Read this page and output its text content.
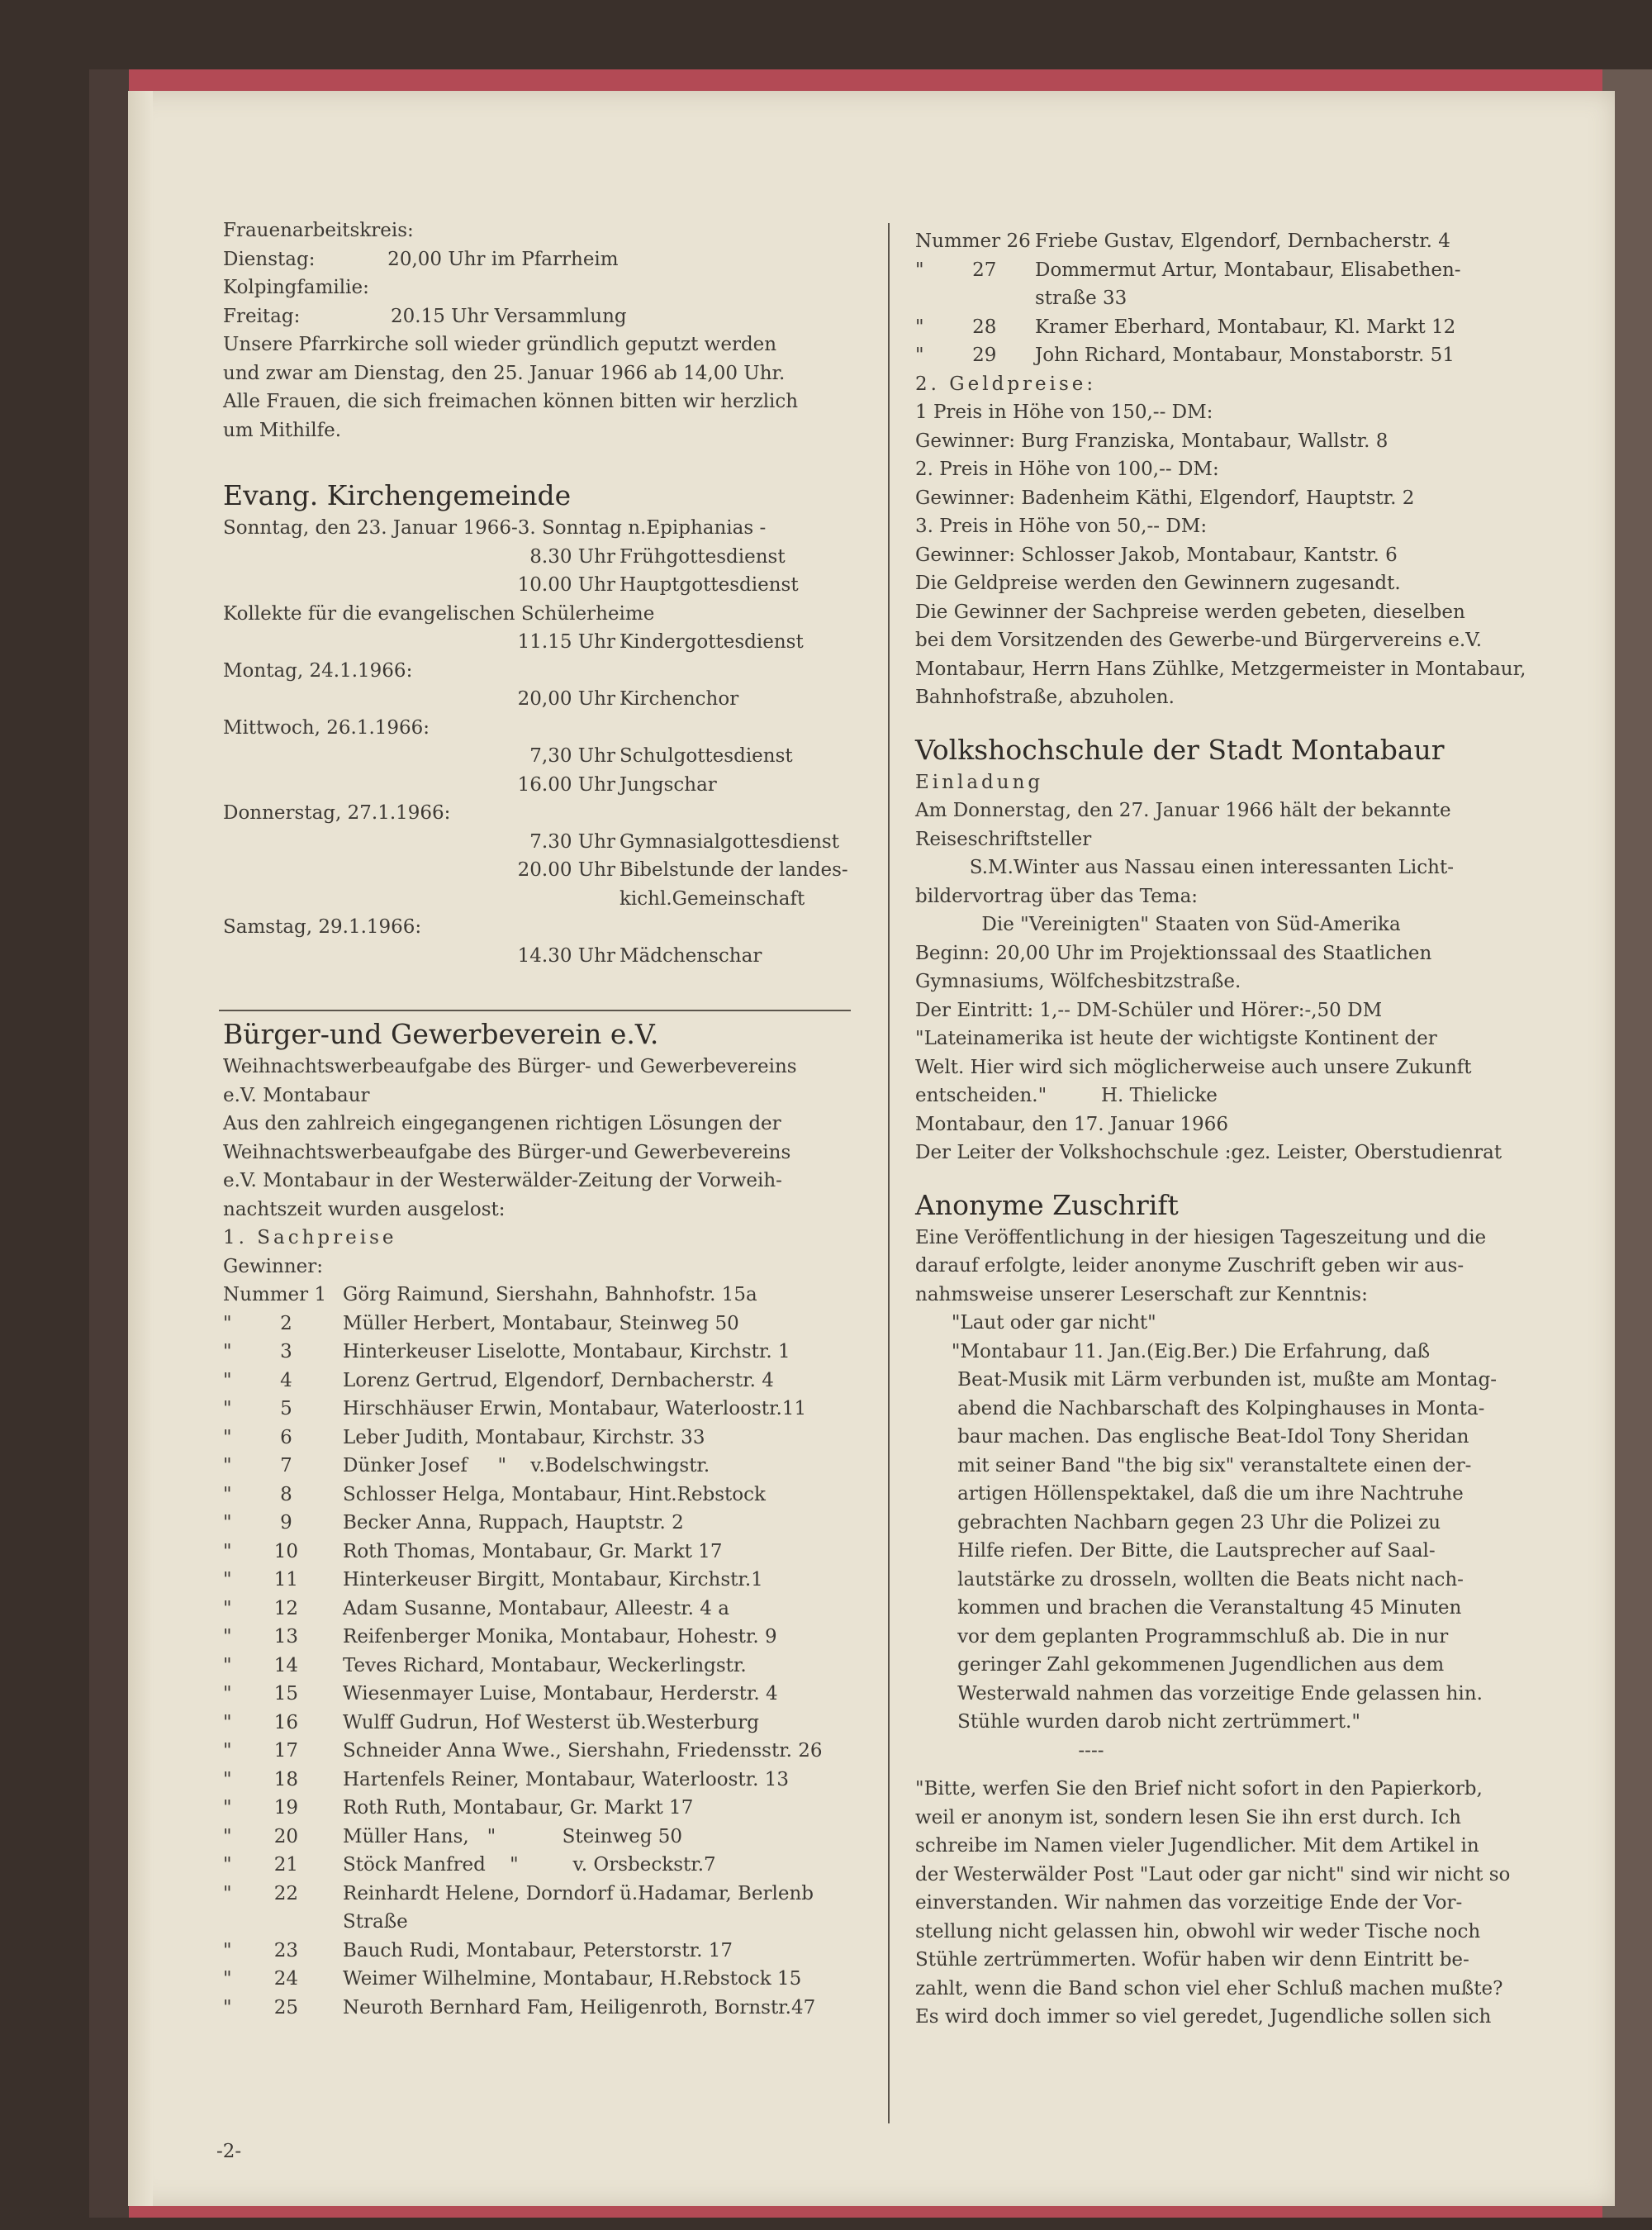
Frauenarbeitskreis:

Dienstag:            20,00 Uhr im Pfarrheim

Kolpingfamilie:

Freitag:               20.15 Uhr Versammlung

Unsere Pfarrkirche soll wieder gründlich geputzt werden

und zwar am Dienstag, den 25. Januar 1966 ab 14,00 Uhr.

Alle Frauen, die sich freimachen können bitten wir herzlich

um Mithilfe.

Evang. Kirchengemeinde

Sonntag, den 23. Januar 1966-3. Sonntag n.Epiphanias -

8.30 Uhr Frühgottesdienst
10.00 Uhr Hauptgottesdienst
Kollekte für die evangelischen Schülerheime
11.15 Uhr Kindergottesdienst
Montag, 24.1.1966:
20,00 Uhr Kirchenchor
Mittwoch, 26.1.1966:
7,30 Uhr Schulgottesdienst
16.00 Uhr Jungschar
Donnerstag, 27.1.1966:
7.30 Uhr Gymnasialgottesdienst
20.00 Uhr Bibelstunde der landes-
kichl.Gemeinschaft
Samstag, 29.1.1966:
14.30 Uhr Mädchenschar

Bürger-und Gewerbeverein e.V.

Weihnachtswerbeaufgabe des Bürger- und Gewerbevereins

e.V. Montabaur

Aus den zahlreich eingegangenen richtigen Lösungen der

Weihnachtswerbeaufgabe des Bürger-und Gewerbevereins

e.V. Montabaur in der Westerwälder-Zeitung der Vorweih-

nachtszeit wurden ausgelost:

1. Sachpreise

Gewinner:

Nummer 1 Görg Raimund, Siershahn, Bahnhofstr. 15a
"        2	Müller Herbert, Montabaur, Steinweg 50
"        3	Hinterkeuser Liselotte, Montabaur, Kirchstr. 1
"        4	Lorenz Gertrud, Elgendorf, Dernbacherstr. 4
"        5	Hirschhäuser Erwin, Montabaur, Waterloostr.11
"        6	Leber Judith, Montabaur, Kirchstr. 33
"        7	Dünker Josef     "    v.Bodelschwingstr.
"        8	Schlosser Helga, Montabaur, Hint.Rebstock
"        9	Becker Anna, Ruppach, Hauptstr. 2
"       10	Roth Thomas, Montabaur, Gr. Markt 17
"       11	Hinterkeuser Birgitt, Montabaur, Kirchstr.1
"       12	Adam Susanne, Montabaur, Alleestr. 4 a
"       13	Reifenberger Monika, Montabaur, Hohestr. 9
"       14	Teves Richard, Montabaur, Weckerlingstr.
"       15	Wiesenmayer Luise, Montabaur, Herderstr. 4
"       16	Wulff Gudrun, Hof Westerst üb.Westerburg
"       17	Schneider Anna Wwe., Siershahn, Friedensstr. 26
"       18	Hartenfels Reiner, Montabaur, Waterloostr. 13
"       19	Roth Ruth, Montabaur, Gr. Markt 17
"       20	Müller Hans,   "           Steinweg 50
"       21	Stöck Manfred    "         v. Orsbeckstr.7
"       22	Reinhardt Helene, Dorndorf ü.Hadamar, Berlenb
Straße
"       23	Bauch Rudi, Montabaur, Peterstorstr. 17
"       24	Weimer Wilhelmine, Montabaur, H.Rebstock 15
"       25	Neuroth Bernhard Fam, Heiligenroth, Bornstr.47

-2-

Nummer 26 Friebe Gustav, Elgendorf, Dernbacherstr. 4
"        27	Dommermut Artur, Montabaur, Elisabethen-
straße 33
"        28	Kramer Eberhard, Montabaur, Kl. Markt 12
"        29	John Richard, Montabaur, Monstaborstr. 51

2. Geldpreise:

1 Preis in Höhe von 150,-- DM:

Gewinner: Burg Franziska, Montabaur, Wallstr. 8

2. Preis in Höhe von 100,-- DM:

Gewinner: Badenheim Käthi, Elgendorf, Hauptstr. 2

3. Preis in Höhe von 50,-- DM:

Gewinner: Schlosser Jakob, Montabaur, Kantstr. 6

Die Geldpreise werden den Gewinnern zugesandt.

Die Gewinner der Sachpreise werden gebeten, dieselben

bei dem Vorsitzenden des Gewerbe-und Bürgervereins e.V.

Montabaur, Herrn Hans Zühlke, Metzgermeister in Montabaur,

Bahnhofstraße, abzuholen.

Volkshochschule der Stadt Montabaur

Einladung

Am Donnerstag, den 27. Januar 1966 hält der bekannte

Reiseschriftsteller

S.M.Winter aus Nassau einen interessanten Licht-

bildervortrag über das Tema:

Die "Vereinigten" Staaten von Süd-Amerika

Beginn: 20,00 Uhr im Projektionssaal des Staatlichen

Gymnasiums, Wölfchesbitzstraße.

Der Eintritt: 1,-- DM-Schüler und Hörer:-,50 DM

"Lateinamerika ist heute der wichtigste Kontinent der

Welt. Hier wird sich möglicherweise auch unsere Zukunft

entscheiden."         H. Thielicke

Montabaur, den 17. Januar 1966

Der Leiter der Volkshochschule :gez. Leister, Oberstudienrat

Anonyme Zuschrift

Eine Veröffentlichung in der hiesigen Tageszeitung und die

darauf erfolgte, leider anonyme Zuschrift geben wir aus-

nahmsweise unserer Leserschaft zur Kenntnis:

"Laut oder gar nicht"

"Montabaur 11. Jan.(Eig.Ber.) Die Erfahrung, daß

Beat-Musik mit Lärm verbunden ist, mußte am Montag-

abend die Nachbarschaft des Kolpinghauses in Monta-

baur machen. Das englische Beat-Idol Tony Sheridan

mit seiner Band "the big six" veranstaltete einen der-

artigen Höllenspektakel, daß die um ihre Nachtruhe

gebrachten Nachbarn gegen 23 Uhr die Polizei zu

Hilfe riefen. Der Bitte, die Lautsprecher auf Saal-

lautstärke zu drosseln, wollten die Beats nicht nach-

kommen und brachen die Veranstaltung 45 Minuten

vor dem geplanten Programmschluß ab. Die in nur

geringer Zahl gekommenen Jugendlichen aus dem

Westerwald nahmen das vorzeitige Ende gelassen hin.

Stühle wurden darob nicht zertrümmert."

----

"Bitte, werfen Sie den Brief nicht sofort in den Papierkorb,

weil er anonym ist, sondern lesen Sie ihn erst durch. Ich

schreibe im Namen vieler Jugendlicher. Mit dem Artikel in

der Westerwälder Post "Laut oder gar nicht" sind wir nicht so

einverstanden. Wir nahmen das vorzeitige Ende der Vor-

stellung nicht gelassen hin, obwohl wir weder Tische noch

Stühle zertrümmerten. Wofür haben wir denn Eintritt be-

zahlt, wenn die Band schon viel eher Schluß machen mußte?

Es wird doch immer so viel geredet, Jugendliche sollen sich
